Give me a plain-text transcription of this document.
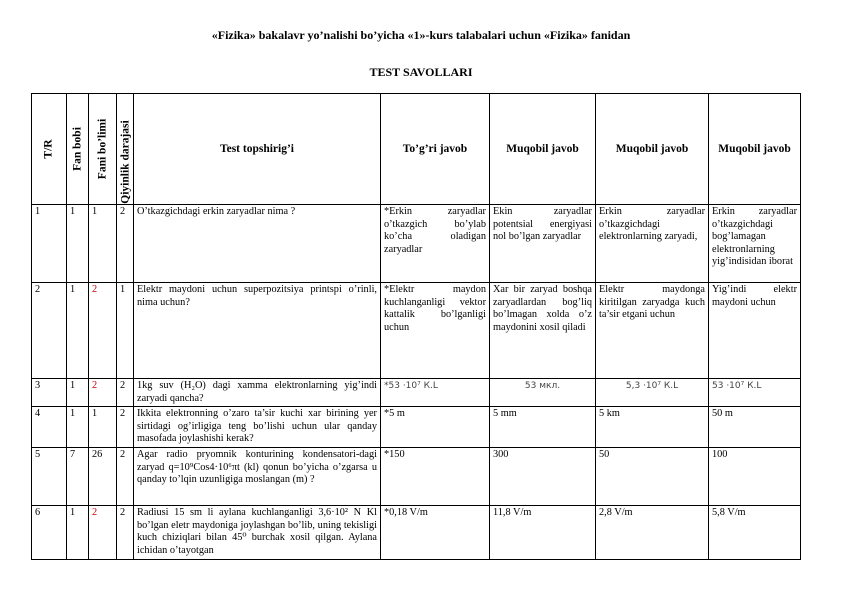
«Fizika» bakalavr yo’nalishi bo’yicha «1»-kurs talabalari uchun «Fizika» fanidan
TEST SAVOLLARI
T/R	Fan bobi	Fani bo’limi	Qiyinlik darajasi	Test topshirig’i	To’g’ri javob	Muqobil javob	Muqobil javob	Muqobil javob
1	1	1	2	O’tkazgichdagi erkin zaryadlar nima ?	*Erkin zaryadlar o’tkazgich bo’ylab ko’cha oladigan zaryadlar	Ekin zaryadlar potentsial energiyasi nol bo’lgan zaryadlar	Erkin zaryadlar o’tkazgichdagi elektronlarning zaryadi,	Erkin zaryadlar o’tkazgichdagi bog’lamagan elektronlarning yig’indisidan iborat
2	1	2	1	Elektr maydoni uchun superpozitsiya printspi o’rinli, nima uchun?	*Elektr maydon kuchlanganligi vektor kattalik bo’lganligi uchun	Xar bir zaryad boshqa zaryadlardan bog’liq bo’lmagan xolda o’z maydonini xosil qiladi	Elektr maydonga kiritilgan zaryadga kuch ta’sir etgani uchun	Yig’indi elektr maydoni uchun
3	1	2	2	1kg suv (H₂O) dagi xamma elektronlarning yig’indi zaryadi qancha?	*53 ·10⁷ К.L	53 мкл.	5,3 ·10⁷ К.L	53 ·10⁷ К.L
4	1	1	2	Ikkita elektronning o’zaro ta’sir kuchi xar birining yer sirtidagi og’irligiga teng bo’lishi uchun ular qanday masofada joylashishi kerak?	*5 m	5 mm	5 km	50 m
5	7	26	2	Agar radio pryomnik konturining kondensatori-dagi zaryad q=10⁹Cos4·10⁶πt (kl) qonun bo’yicha o’zgarsa u qanday to’lqin uzunligiga moslangan (m) ?	*150	300	50	100
6	1	2	2	Radiusi 15 sm li aylana kuchlanganligi 3,6·10² N Kl bo’lgan eletr maydoniga joylashgan bo’lib, uning tekisligi kuch chiziqlari bilan 45⁰ burchak xosil qilgan. Aylana ichidan o’tayotgan	*0,18 V/m	11,8 V/m	2,8 V/m	5,8 V/m
